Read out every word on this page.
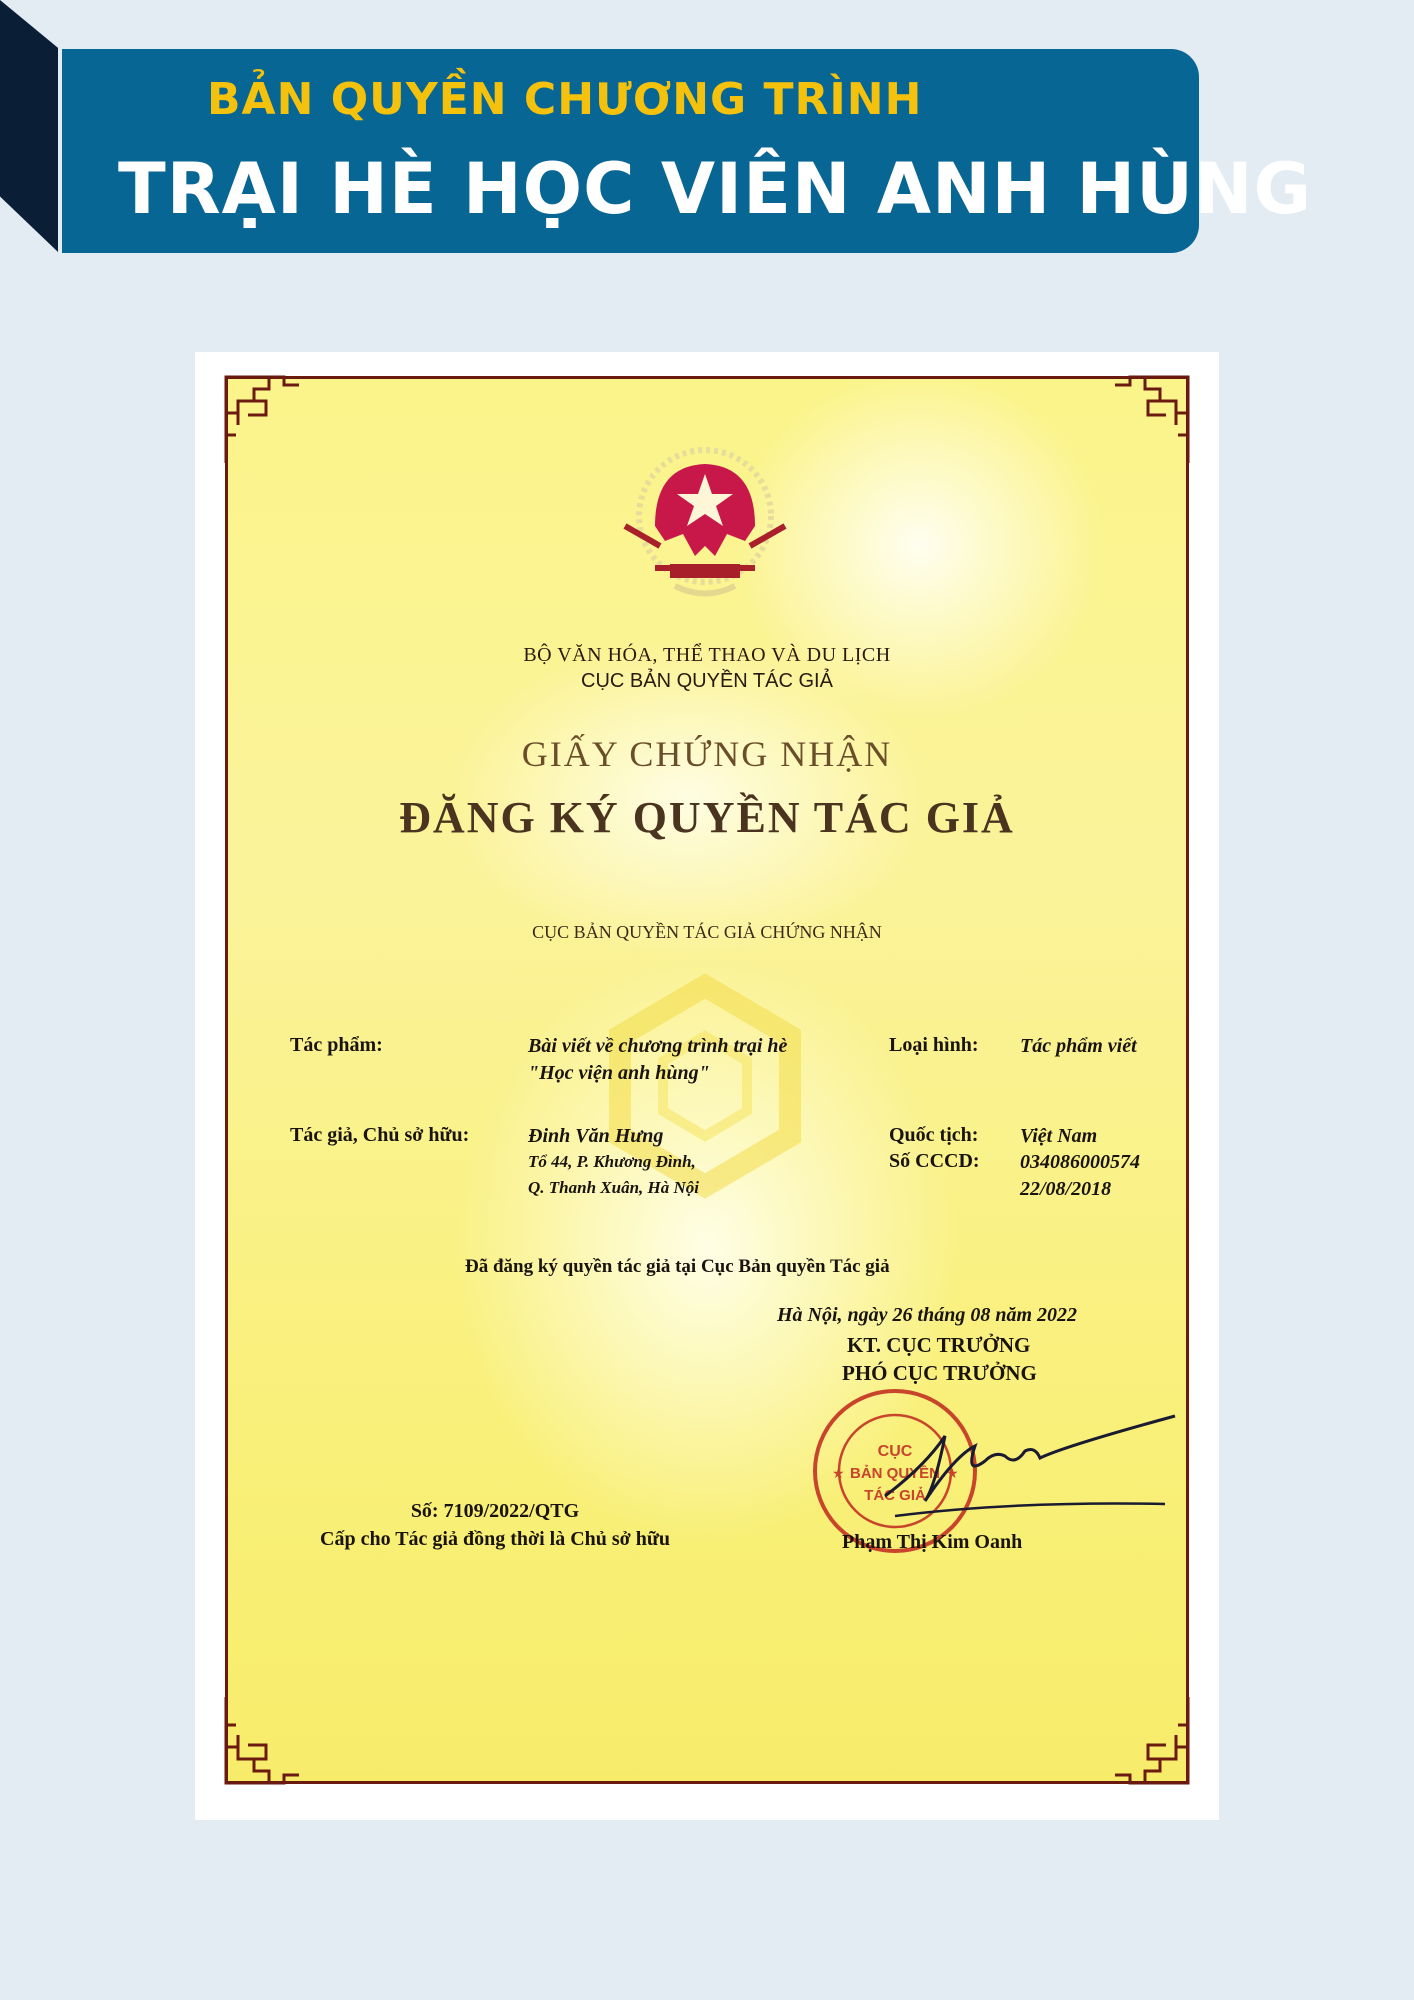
BẢN QUYỀN CHƯƠNG TRÌNH
TRẠI HÈ HỌC VIÊN ANH HÙNG
BỘ VĂN HÓA, THỂ THAO VÀ DU LỊCH
CỤC BẢN QUYỀN TÁC GIẢ
GIẤY CHỨNG NHẬN
ĐĂNG KÝ QUYỀN TÁC GIẢ
CỤC BẢN QUYỀN TÁC GIẢ CHỨNG NHẬN
Tác phẩm:	Bài viết về chương trình trại hè
"Học viện anh hùng"
Loại hình: Tác phẩm viết
Tác giả, Chủ sở hữu:	Đinh Văn Hưng
Tổ 44, P. Khương Đình,
Q. Thanh Xuân, Hà Nội
Quốc tịch: Việt Nam
Số CCCD: 034086000574
22/08/2018
Đã đăng ký quyền tác giả tại Cục Bản quyền Tác giả
Hà Nội, ngày 26 tháng 08 năm 2022
KT. CỤC TRƯỞNG
PHÓ CỤC TRƯỞNG
★	★
CỤC
BẢN QUYỀN
TÁC GIẢ
Phạm Thị Kim Oanh
Số: 7109/2022/QTG
Cấp cho Tác giả đồng thời là Chủ sở hữu
